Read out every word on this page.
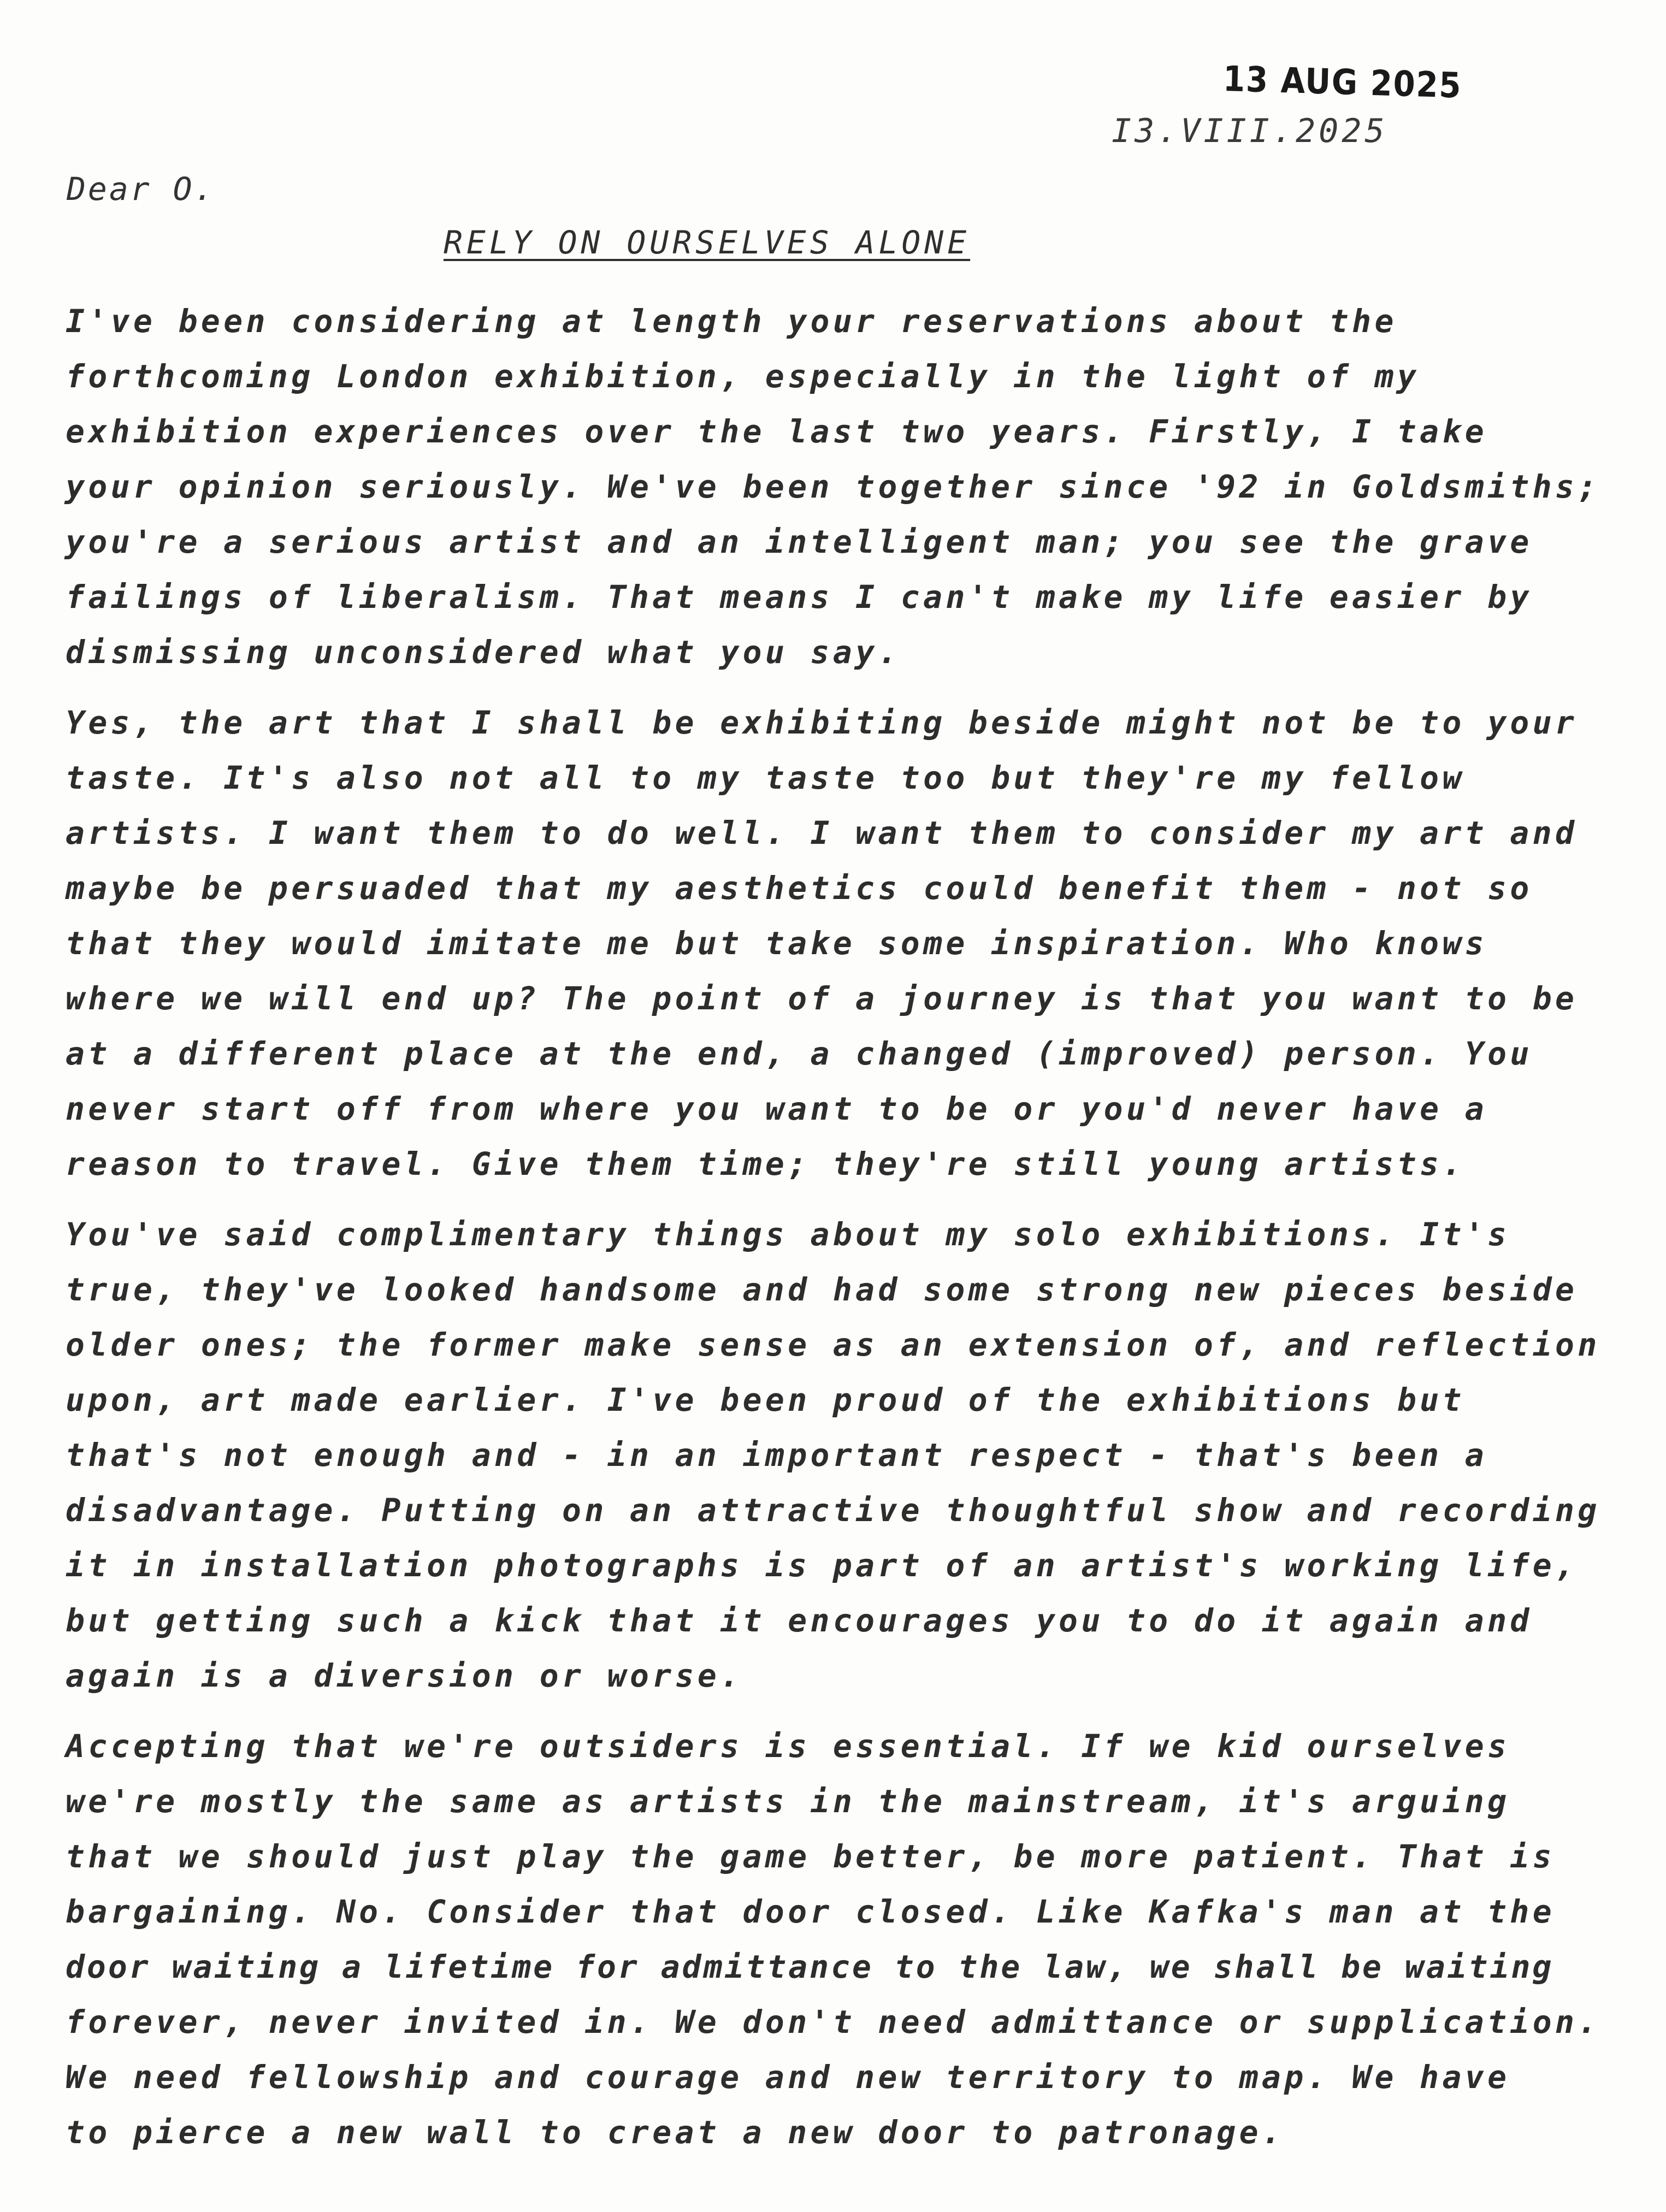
13 AUG 2025
I3.VIII.2025
Dear O.
RELY ON OURSELVES ALONE
I've been considering at length your reservations about the
forthcoming London exhibition, especially in the light of my
exhibition experiences over the last two years. Firstly, I take
your opinion seriously. We've been together since '92 in Goldsmiths;
you're a serious artist and an intelligent man; you see the grave
failings of liberalism. That means I can't make my life easier by
dismissing unconsidered what you say.
Yes, the art that I shall be exhibiting beside might not be to your
taste. It's also not all to my taste too but they're my fellow
artists. I want them to do well. I want them to consider my art and
maybe be persuaded that my aesthetics could benefit them - not so
that they would imitate me but take some inspiration. Who knows
where we will end up? The point of a journey is that you want to be
at a different place at the end, a changed (improved) person. You
never start off from where you want to be or you'd never have a
reason to travel. Give them time; they're still young artists.
You've said complimentary things about my solo exhibitions. It's
true, they've looked handsome and had some strong new pieces beside
older ones; the former make sense as an extension of, and reflection
upon, art made earlier. I've been proud of the exhibitions but
that's not enough and - in an important respect - that's been a
disadvantage. Putting on an attractive thoughtful show and recording
it in installation photographs is part of an artist's working life,
but getting such a kick that it encourages you to do it again and
again is a diversion or worse.
Accepting that we're outsiders is essential. If we kid ourselves
we're mostly the same as artists in the mainstream, it's arguing
that we should just play the game better, be more patient. That is
bargaining. No. Consider that door closed. Like Kafka's man at the
door waiting a lifetime for admittance to the law, we shall be waiting
forever, never invited in. We don't need admittance or supplication.
We need fellowship and courage and new territory to map. We have
to pierce a new wall to creat a new door to patronage.
